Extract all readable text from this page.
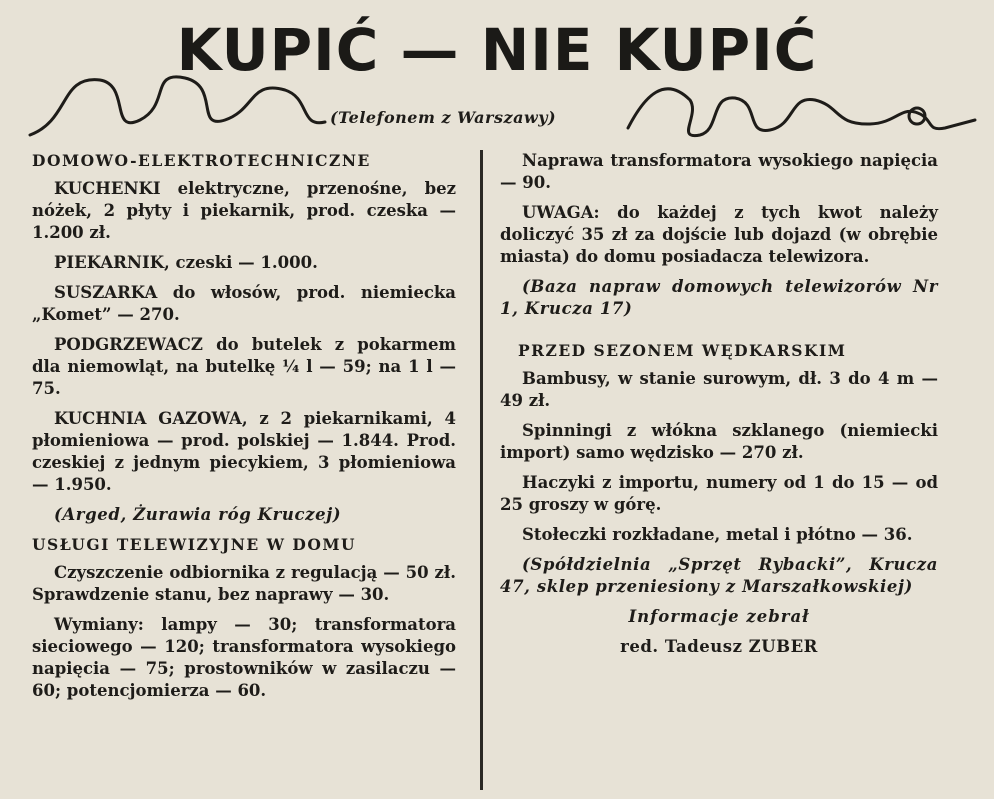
KUPIĆ — NIE KUPIĆ
(Telefonem z Warszawy)
DOMOWO-ELEKTROTECHNICZNE

KUCHENKI elektryczne, przenośne, bez nóżek, 2 płyty i piekarnik, prod. czeska — 1.200 zł.

PIEKARNIK, czeski — 1.000.

SUSZARKA do włosów, prod. niemiecka „Komet” — 270.

PODGRZEWACZ do butelek z pokarmem dla niemowląt, na butelkę ¼ l — 59; na 1 l — 75.

KUCHNIA GAZOWA, z 2 piekarnikami, 4 płomieniowa — prod. polskiej — 1.844. Prod. czeskiej z jednym piecykiem, 3 płomieniowa — 1.950.

(Arged, Żurawia róg Kruczej)

USŁUGI TELEWIZYJNE W DOMU

Czyszczenie odbiornika z regulacją — 50 zł. Sprawdzenie stanu, bez naprawy — 30.

Wymiany: lampy — 30; transformatora sieciowego — 120; transformatora wysokiego napięcia — 75; prostowników w zasilaczu — 60; potencjomierza — 60.

Naprawa transformatora wysokiego napięcia — 90.

UWAGA: do każdej z tych kwot należy doliczyć 35 zł za dojście lub dojazd (w obrębie miasta) do domu posiadacza telewizora.

(Baza napraw domowych telewizorów Nr 1, Krucza 17)

PRZED SEZONEM WĘDKARSKIM

Bambusy, w stanie surowym, dł. 3 do 4 m — 49 zł.

Spinningi z włókna szklanego (niemiecki import) samo wędzisko — 270 zł.

Haczyki z importu, numery od 1 do 15 — od 25 groszy w górę.

Stołeczki rozkładane, metal i płótno — 36.

(Spółdzielnia „Sprzęt Rybacki”, Krucza 47, sklep przeniesiony z Marszałkowskiej)

Informacje zebrał

red. Tadeusz ZUBER
